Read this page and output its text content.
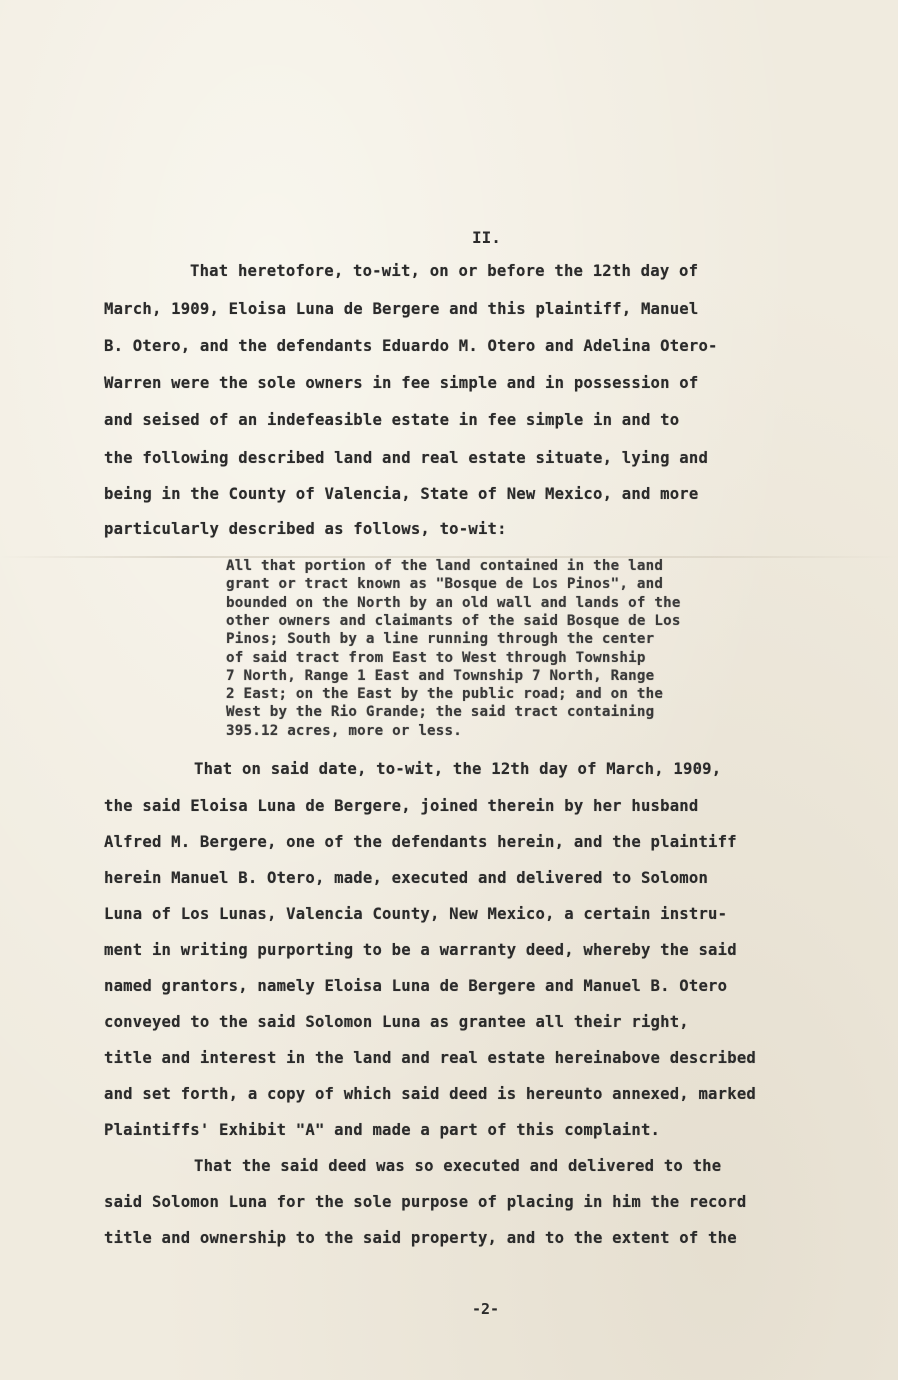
II.
That heretofore, to-wit, on or before the 12th day of
March, 1909, Eloisa Luna de Bergere and this plaintiff, Manuel
B. Otero, and the defendants Eduardo M. Otero and Adelina Otero-
Warren were the sole owners in fee simple and in possession of
and seised of an indefeasible estate in fee simple in and to
the following described land and real estate situate, lying and
being in the County of Valencia, State of New Mexico, and more
particularly described as follows, to-wit:
All that portion of the land contained in the land
grant or tract known as "Bosque de Los Pinos", and
bounded on the North by an old wall and lands of the
other owners and claimants of the said Bosque de Los
Pinos; South by a line running through the center
of said tract from East to West through Township
7 North, Range 1 East and Township 7 North, Range
2 East; on the East by the public road; and on the
West by the Rio Grande; the said tract containing
395.12 acres, more or less.
That on said date, to-wit, the 12th day of March, 1909,
the said Eloisa Luna de Bergere, joined therein by her husband
Alfred M. Bergere, one of the defendants herein, and the plaintiff
herein Manuel B. Otero, made, executed and delivered to Solomon
Luna of Los Lunas, Valencia County, New Mexico, a certain instru-
ment in writing purporting to be a warranty deed, whereby the said
named grantors, namely Eloisa Luna de Bergere and Manuel B. Otero
conveyed to the said Solomon Luna as grantee all their right,
title and interest in the land and real estate hereinabove described
and set forth, a copy of which said deed is hereunto annexed, marked
Plaintiffs' Exhibit "A" and made a part of this complaint.
That the said deed was so executed and delivered to the
said Solomon Luna for the sole purpose of placing in him the record
title and ownership to the said property, and to the extent of the
-2-
